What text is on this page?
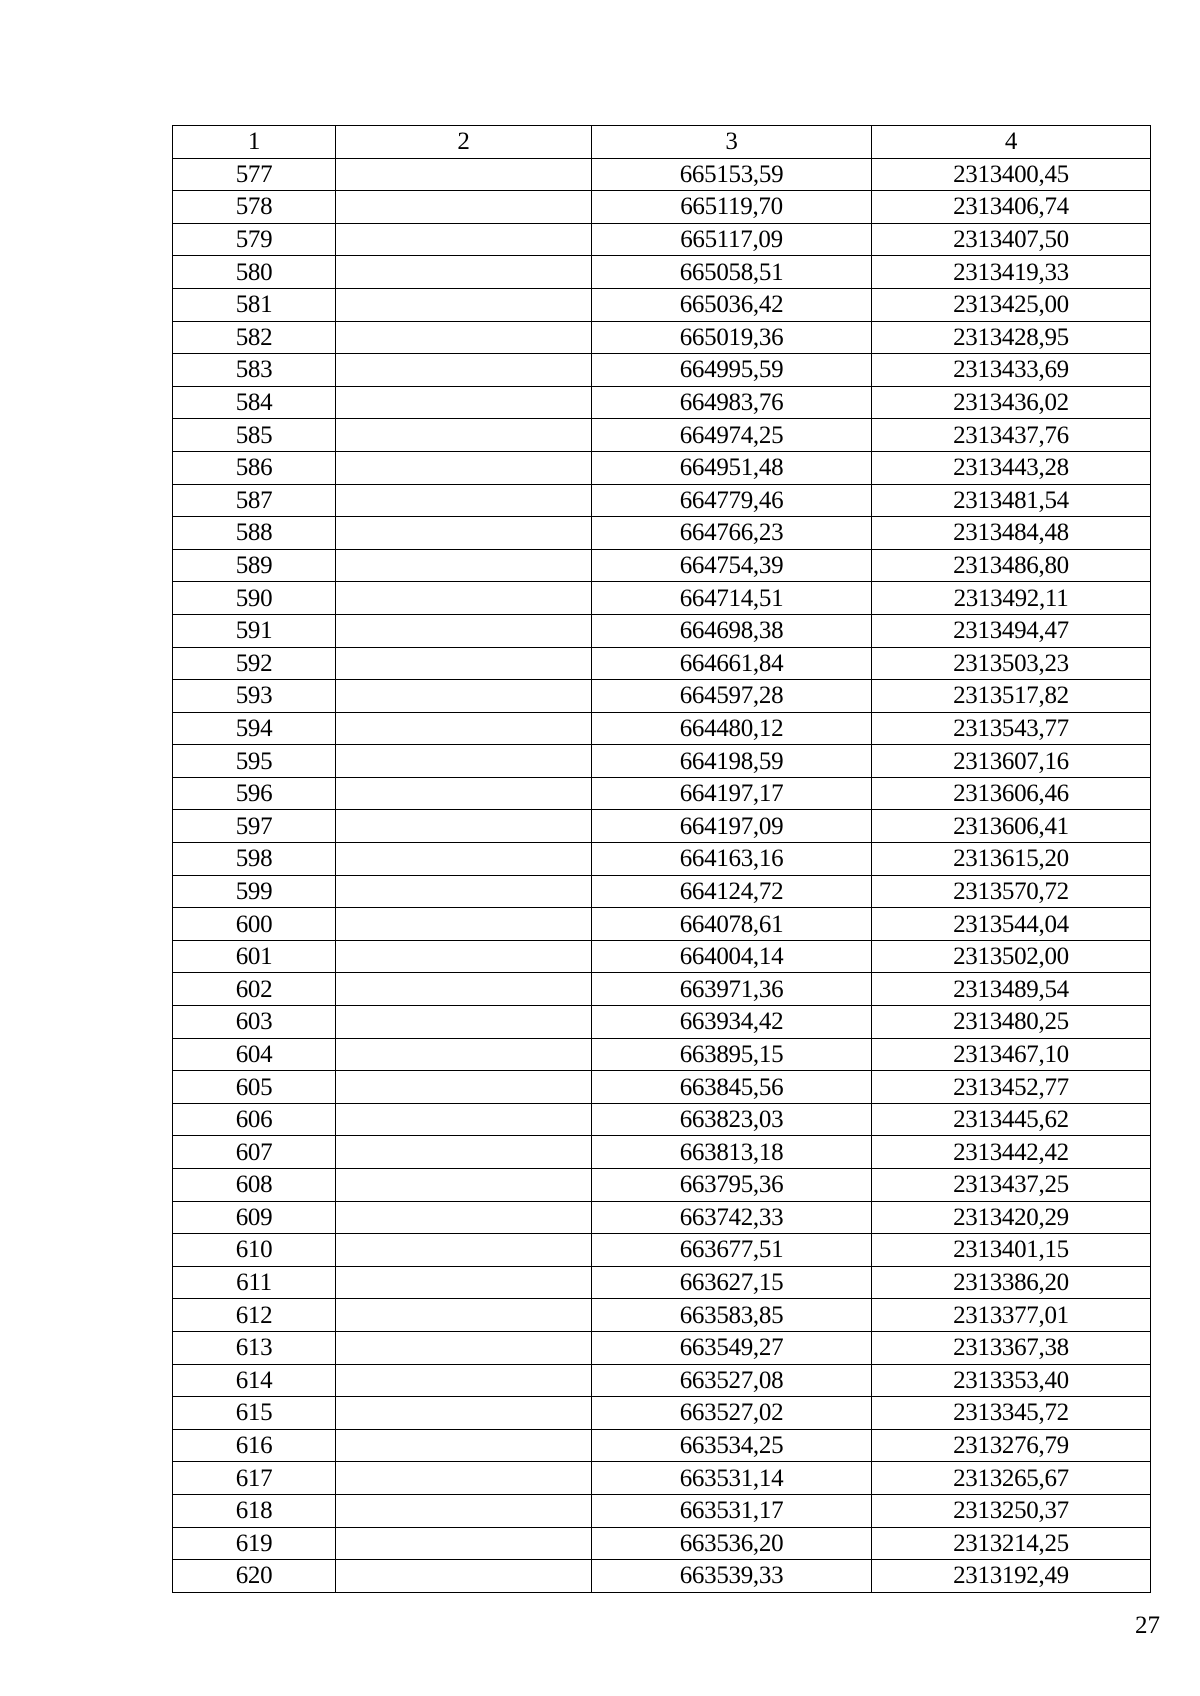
1	2	3	4
577		665153,59	2313400,45
578		665119,70	2313406,74
579		665117,09	2313407,50
580		665058,51	2313419,33
581		665036,42	2313425,00
582		665019,36	2313428,95
583		664995,59	2313433,69
584		664983,76	2313436,02
585		664974,25	2313437,76
586		664951,48	2313443,28
587		664779,46	2313481,54
588		664766,23	2313484,48
589		664754,39	2313486,80
590		664714,51	2313492,11
591		664698,38	2313494,47
592		664661,84	2313503,23
593		664597,28	2313517,82
594		664480,12	2313543,77
595		664198,59	2313607,16
596		664197,17	2313606,46
597		664197,09	2313606,41
598		664163,16	2313615,20
599		664124,72	2313570,72
600		664078,61	2313544,04
601		664004,14	2313502,00
602		663971,36	2313489,54
603		663934,42	2313480,25
604		663895,15	2313467,10
605		663845,56	2313452,77
606		663823,03	2313445,62
607		663813,18	2313442,42
608		663795,36	2313437,25
609		663742,33	2313420,29
610		663677,51	2313401,15
611		663627,15	2313386,20
612		663583,85	2313377,01
613		663549,27	2313367,38
614		663527,08	2313353,40
615		663527,02	2313345,72
616		663534,25	2313276,79
617		663531,14	2313265,67
618		663531,17	2313250,37
619		663536,20	2313214,25
620		663539,33	2313192,49
27
